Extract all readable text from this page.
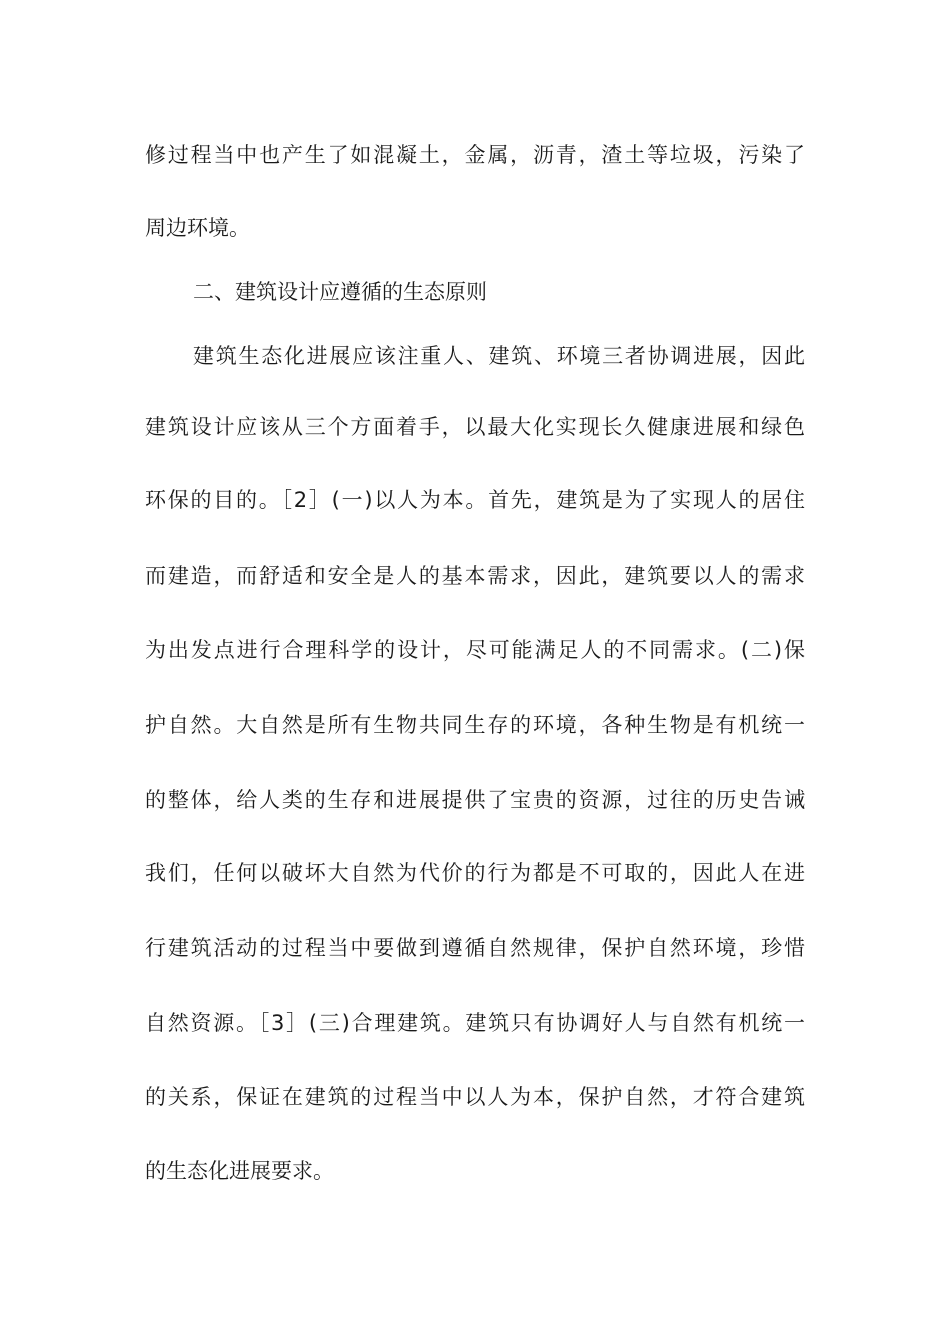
修过程当中也产生了如混凝土，金属，沥青，渣土等垃圾，污染了
周边环境。
二、建筑设计应遵循的生态原则
建筑生态化进展应该注重人、建筑、环境三者协调进展，因此
建筑设计应该从三个方面着手，以最大化实现长久健康进展和绿色
环保的目的。［2］(一)以人为本。首先，建筑是为了实现人的居住
而建造，而舒适和安全是人的基本需求，因此，建筑要以人的需求
为出发点进行合理科学的设计，尽可能满足人的不同需求。(二)保
护自然。大自然是所有生物共同生存的环境，各种生物是有机统一
的整体，给人类的生存和进展提供了宝贵的资源，过往的历史告诫
我们，任何以破坏大自然为代价的行为都是不可取的，因此人在进
行建筑活动的过程当中要做到遵循自然规律，保护自然环境，珍惜
自然资源。［3］(三)合理建筑。建筑只有协调好人与自然有机统一
的关系，保证在建筑的过程当中以人为本，保护自然，才符合建筑
的生态化进展要求。
